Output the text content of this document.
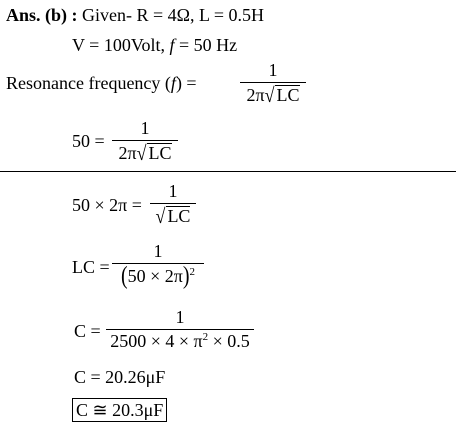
Ans. (b) : Given- R = 4Ω, L = 0.5H
V = 100Volt, f = 50 Hz
Resonance frequency (f) =
1
2π√ LC
50 =
1
2π√ LC
50 × 2π =
1
√ LC
LC =
1
$(50 \times 2\pi)^2$
C =
1
$2500 \times 4 \times \pi^2 \times 0.5$
C = 20.26μF
C ≅ 20.3μF
